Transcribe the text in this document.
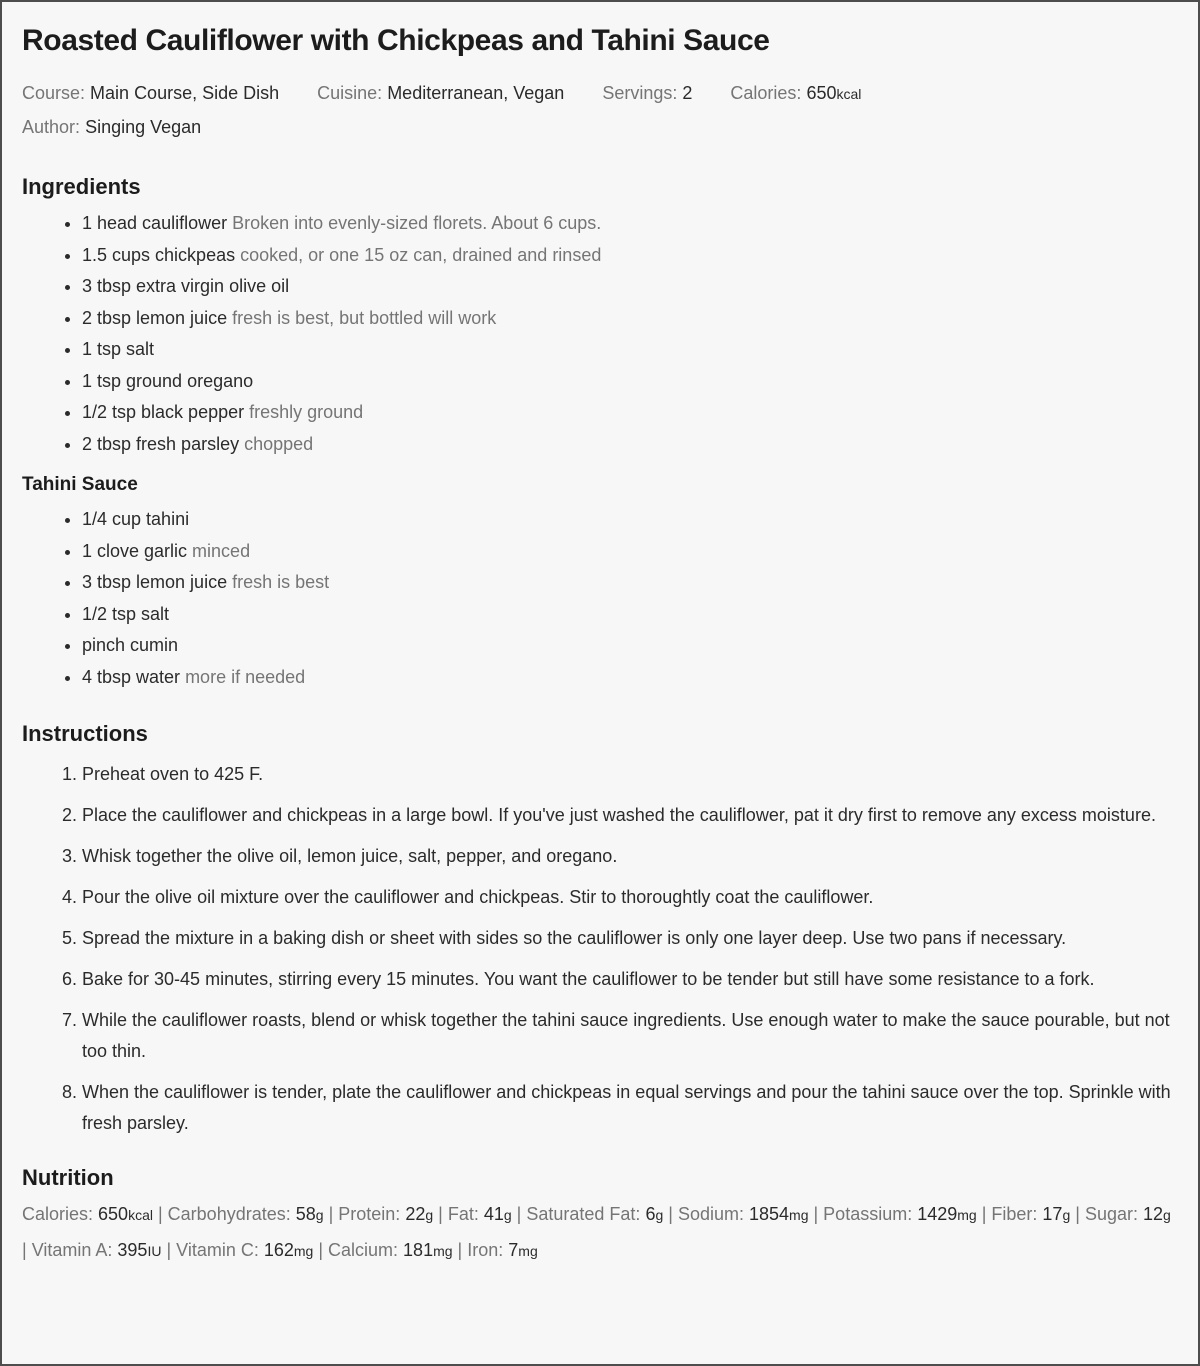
Roasted Cauliflower with Chickpeas and Tahini Sauce
Course: Main Course, Side Dish Cuisine: Mediterranean, Vegan Servings: 2 Calories: 650kcal
Author: Singing Vegan
Ingredients
• 1 head cauliflower Broken into evenly-sized florets. About 6 cups.
• 1.5 cups chickpeas cooked, or one 15 oz can, drained and rinsed
• 3 tbsp extra virgin olive oil
• 2 tbsp lemon juice fresh is best, but bottled will work
• 1 tsp salt
• 1 tsp ground oregano
• 1/2 tsp black pepper freshly ground
• 2 tbsp fresh parsley chopped
Tahini Sauce
• 1/4 cup tahini
• 1 clove garlic minced
• 3 tbsp lemon juice fresh is best
• 1/2 tsp salt
• pinch cumin
• 4 tbsp water more if needed
Instructions
1. Preheat oven to 425 F.
2. Place the cauliflower and chickpeas in a large bowl. If you've just washed the cauliflower, pat it dry first to remove any excess moisture.
3. Whisk together the olive oil, lemon juice, salt, pepper, and oregano.
4. Pour the olive oil mixture over the cauliflower and chickpeas. Stir to thoroughtly coat the cauliflower.
5. Spread the mixture in a baking dish or sheet with sides so the cauliflower is only one layer deep. Use two pans if necessary.
6. Bake for 30-45 minutes, stirring every 15 minutes. You want the cauliflower to be tender but still have some resistance to a fork.
7. While the cauliflower roasts, blend or whisk together the tahini sauce ingredients. Use enough water to make the sauce pourable, but not too thin.
8. When the cauliflower is tender, plate the cauliflower and chickpeas in equal servings and pour the tahini sauce over the top. Sprinkle with fresh parsley.
Nutrition

Calories: 650kcal | Carbohydrates: 58g | Protein: 22g | Fat: 41g | Saturated Fat: 6g | Sodium: 1854mg | Potassium: 1429mg | Fiber: 17g | Sugar: 12g | Vitamin A: 395IU | Vitamin C: 162mg | Calcium: 181mg | Iron: 7mg
